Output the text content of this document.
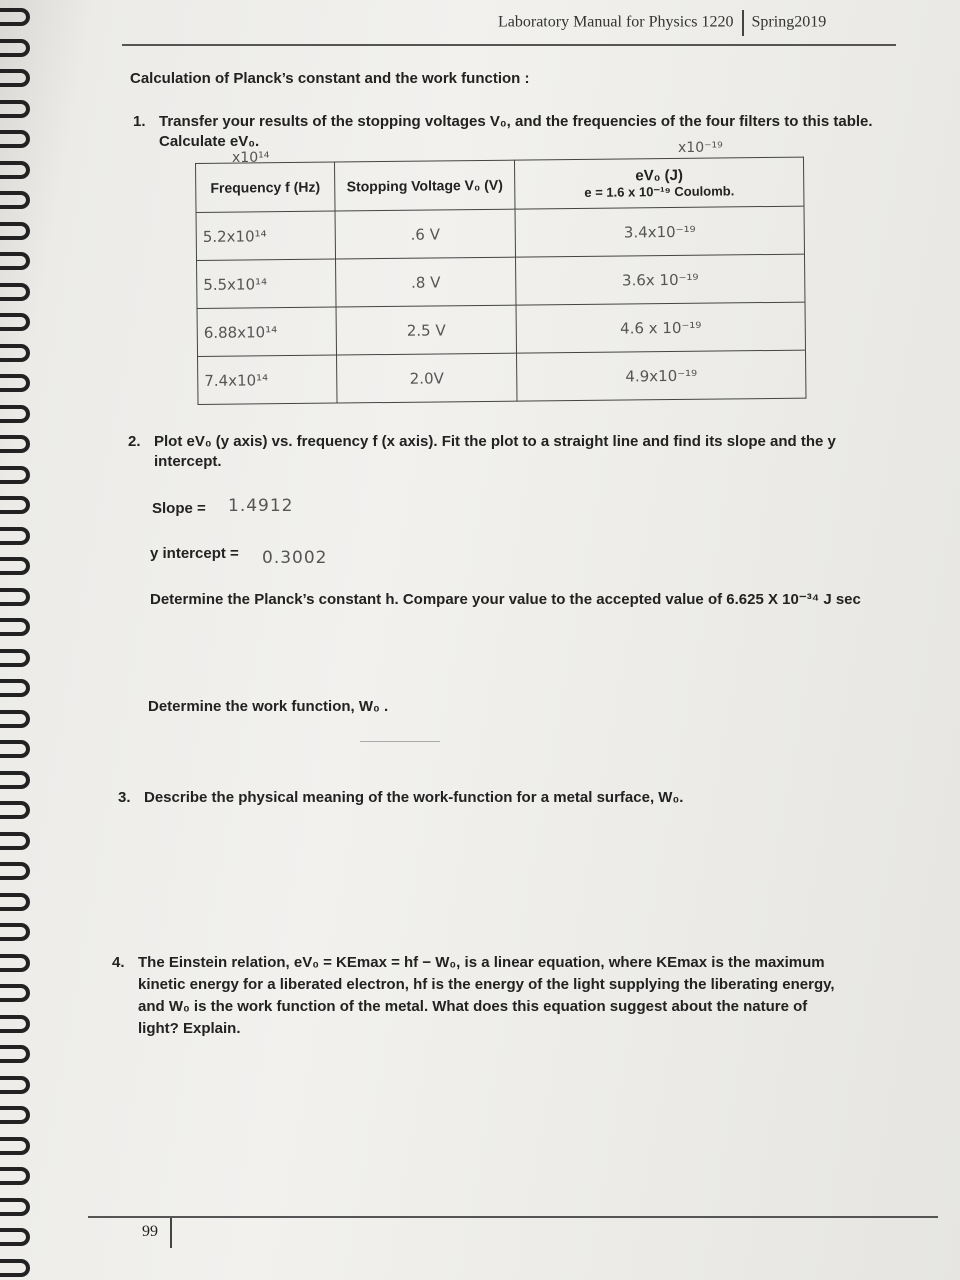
Laboratory Manual for Physics 1220 Spring2019
Calculation of Planck’s constant and the work function :
1. Transfer your results of the stopping voltages V₀, and the frequencies of the four filters to this table.
Calculate eV₀.
x10¹⁴
x10⁻¹⁹
Frequency f (Hz)	Stopping Voltage V₀ (V)	eV₀ (J)
e = 1.6 x 10⁻¹⁹ Coulomb.

5.2x10¹⁴	.6 V	3.4x10⁻¹⁹
5.5x10¹⁴	.8 V	3.6x 10⁻¹⁹
6.88x10¹⁴	2.5 V	4.6 x 10⁻¹⁹
7.4x10¹⁴	2.0V	4.9x10⁻¹⁹
2. Plot eV₀ (y axis) vs. frequency f (x axis). Fit the plot to a straight line and find its slope and the y
intercept.
Slope = 1.4912
y intercept = 0.3002
Determine the Planck’s constant h. Compare your value to the accepted value of 6.625 X 10⁻³⁴ J sec
Determine the work function, W₀ .
3. Describe the physical meaning of the work-function for a metal surface, W₀.
4. The Einstein relation, eV₀ = KEmax = hf − W₀, is a linear equation, where KEmax is the maximum
kinetic energy for a liberated electron, hf is the energy of the light supplying the liberating energy,
and W₀ is the work function of the metal. What does this equation suggest about the nature of
light? Explain.
99
